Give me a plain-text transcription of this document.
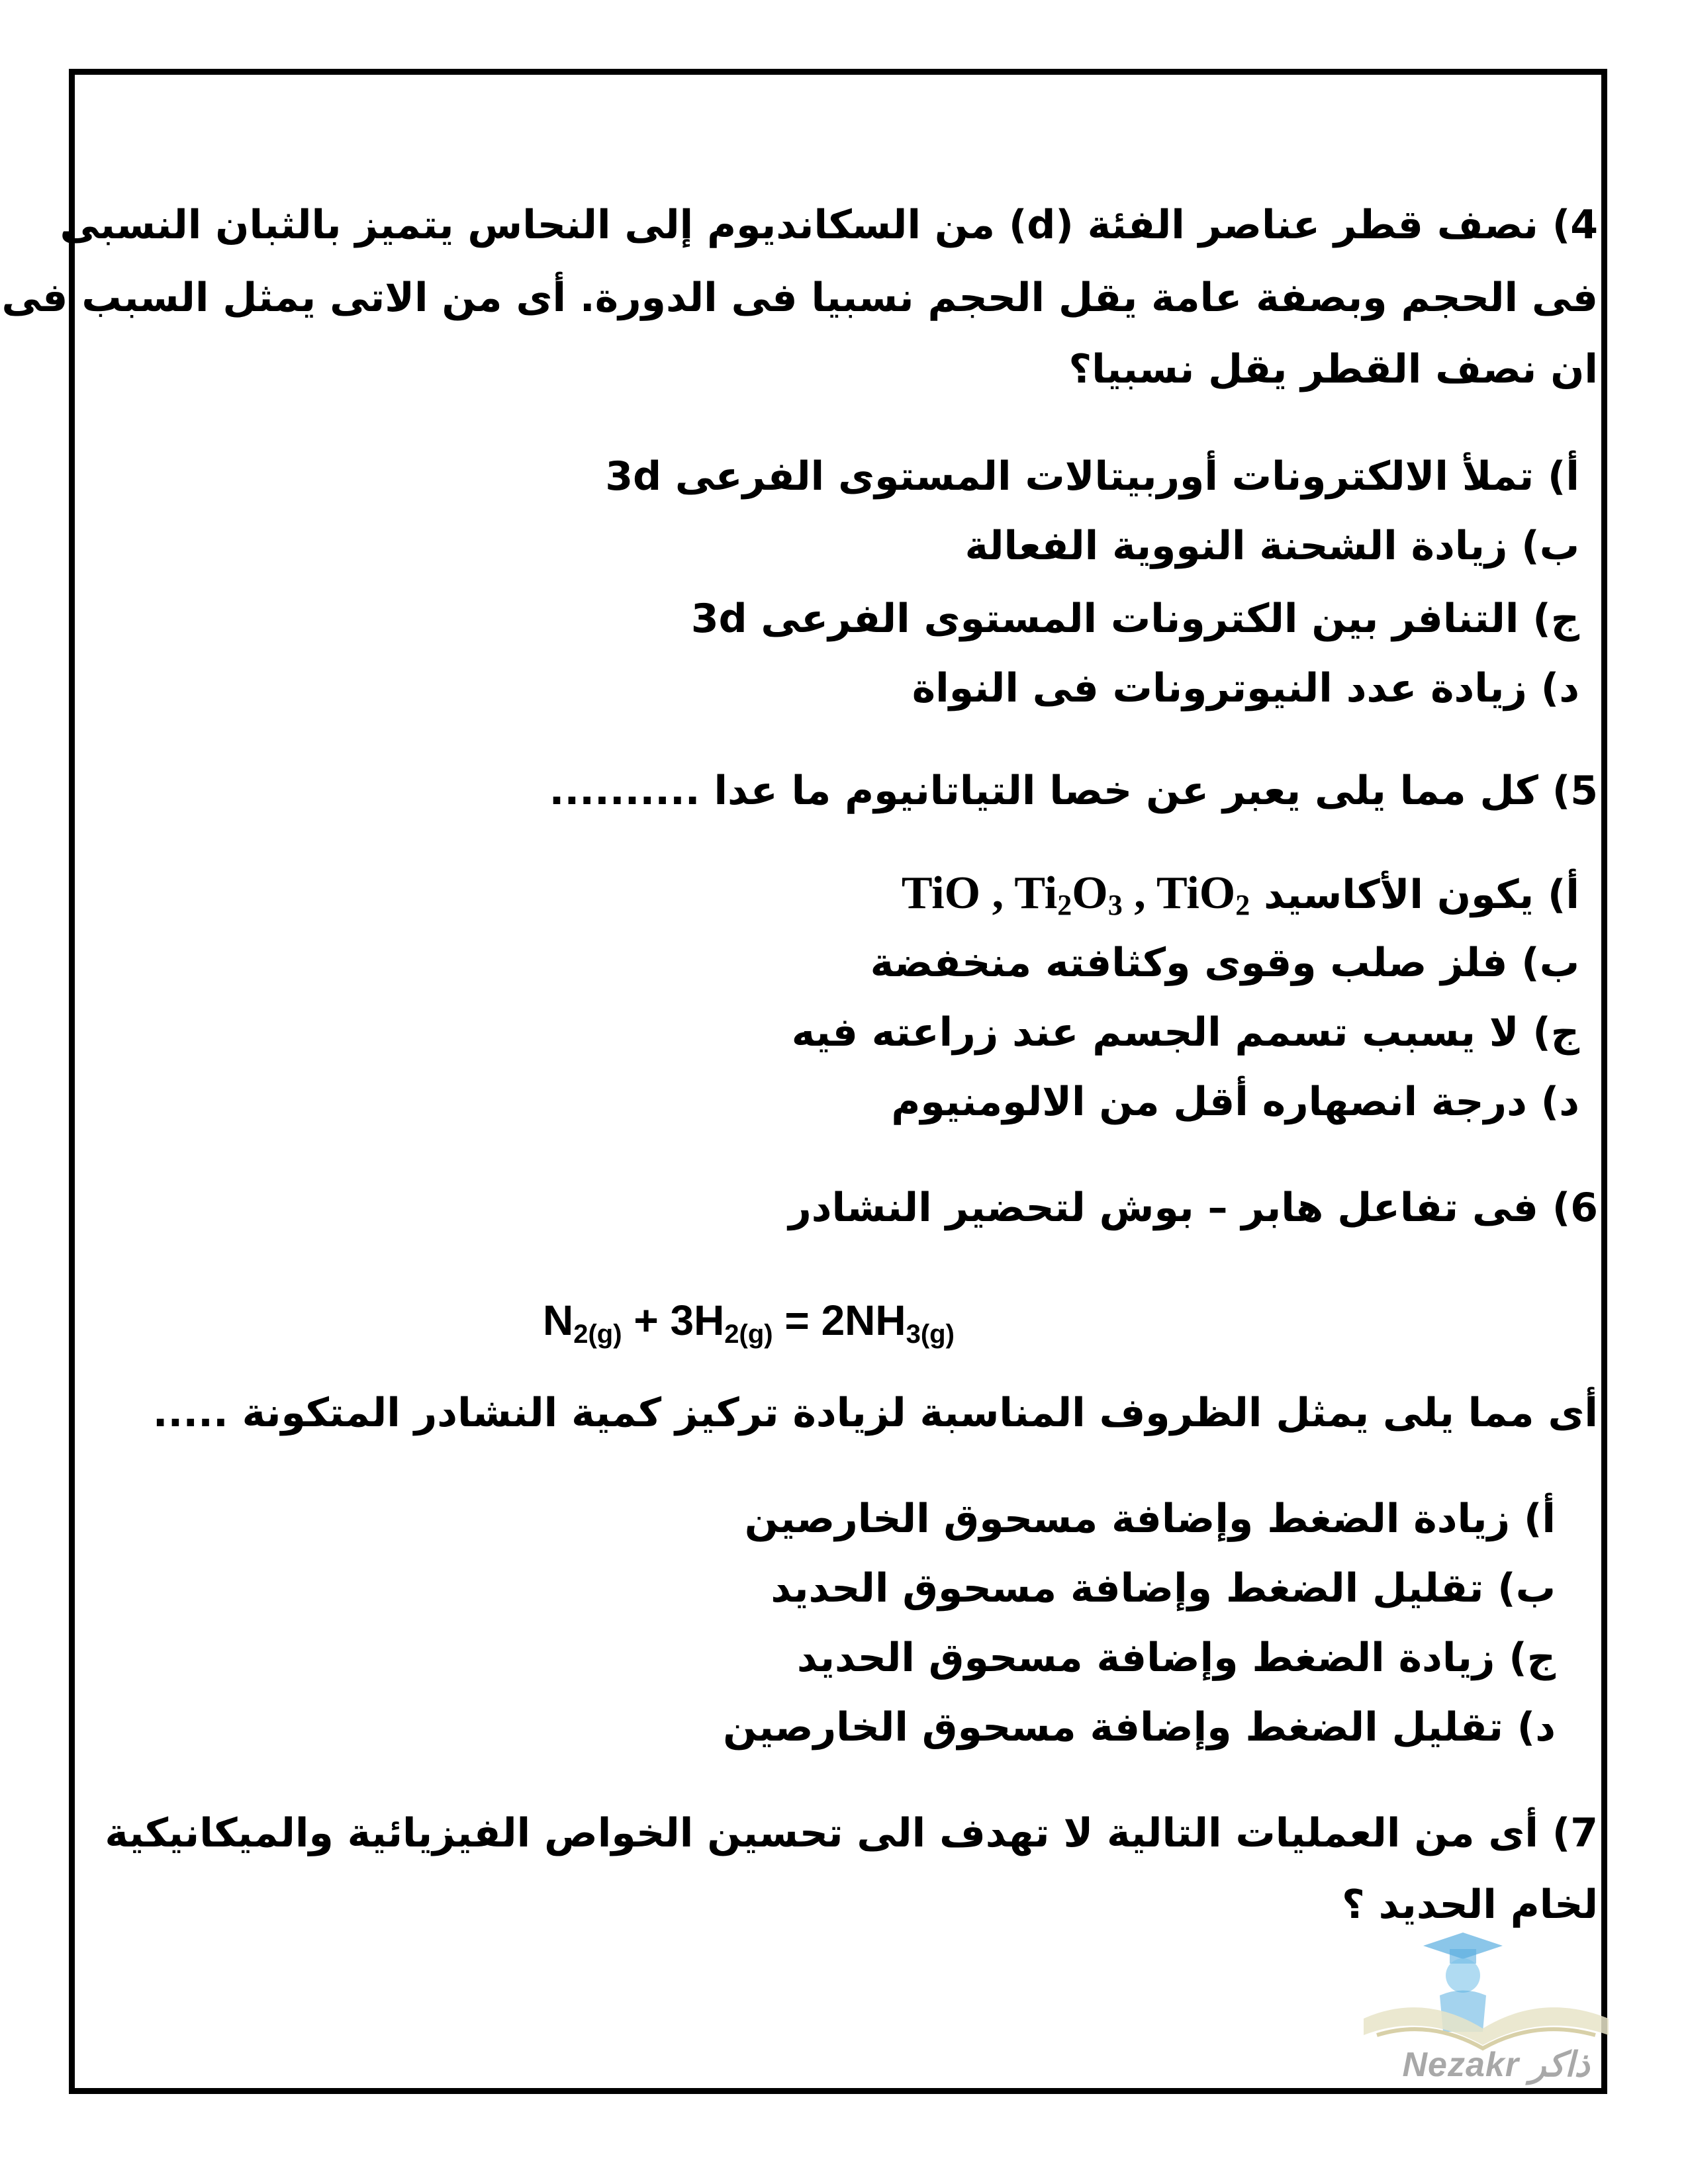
4) نصف قطر عناصر الفئة (d) من السكانديوم إلى النحاس يتميز بالثبان النسبى
فى الحجم وبصفة عامة يقل الحجم نسبيا فى الدورة. أى من الاتى يمثل السبب فى
ان نصف القطر يقل نسبيا؟
أ) تملأ الالكترونات أوربيتالات المستوى الفرعى 3d
ب) زيادة الشحنة النووية الفعالة
ج) التنافر بين الكترونات المستوى الفرعى 3d
د) زيادة عدد النيوترونات فى النواة
5) كل مما يلى يعبر عن خصا التياتانيوم ما عدا ..........
أ) يكون الأكاسيد TiO , $Ti_2O_3$ , TiO$_2$
ب) فلز صلب وقوى وكثافته منخفضة
ج) لا يسبب تسمم الجسم عند زراعته فيه
د) درجة انصهاره أقل من الالومنيوم
6) فى تفاعل هابر – بوش لتحضير النشادر
$N_{2(g)} + 3H_{2(g)} = 2NH_{3(g)}$
أى مما يلى يمثل الظروف المناسبة لزيادة تركيز كمية النشادر المتكونة .....
أ) زيادة الضغط وإضافة مسحوق الخارصين
ب) تقليل الضغط وإضافة مسحوق الحديد
ج) زيادة الضغط وإضافة مسحوق الحديد
د) تقليل الضغط وإضافة مسحوق الخارصين
7) أى من العمليات التالية لا تهدف الى تحسين الخواص الفيزيائية والميكانيكية
لخام الحديد ؟
Nezakr ذاكر
